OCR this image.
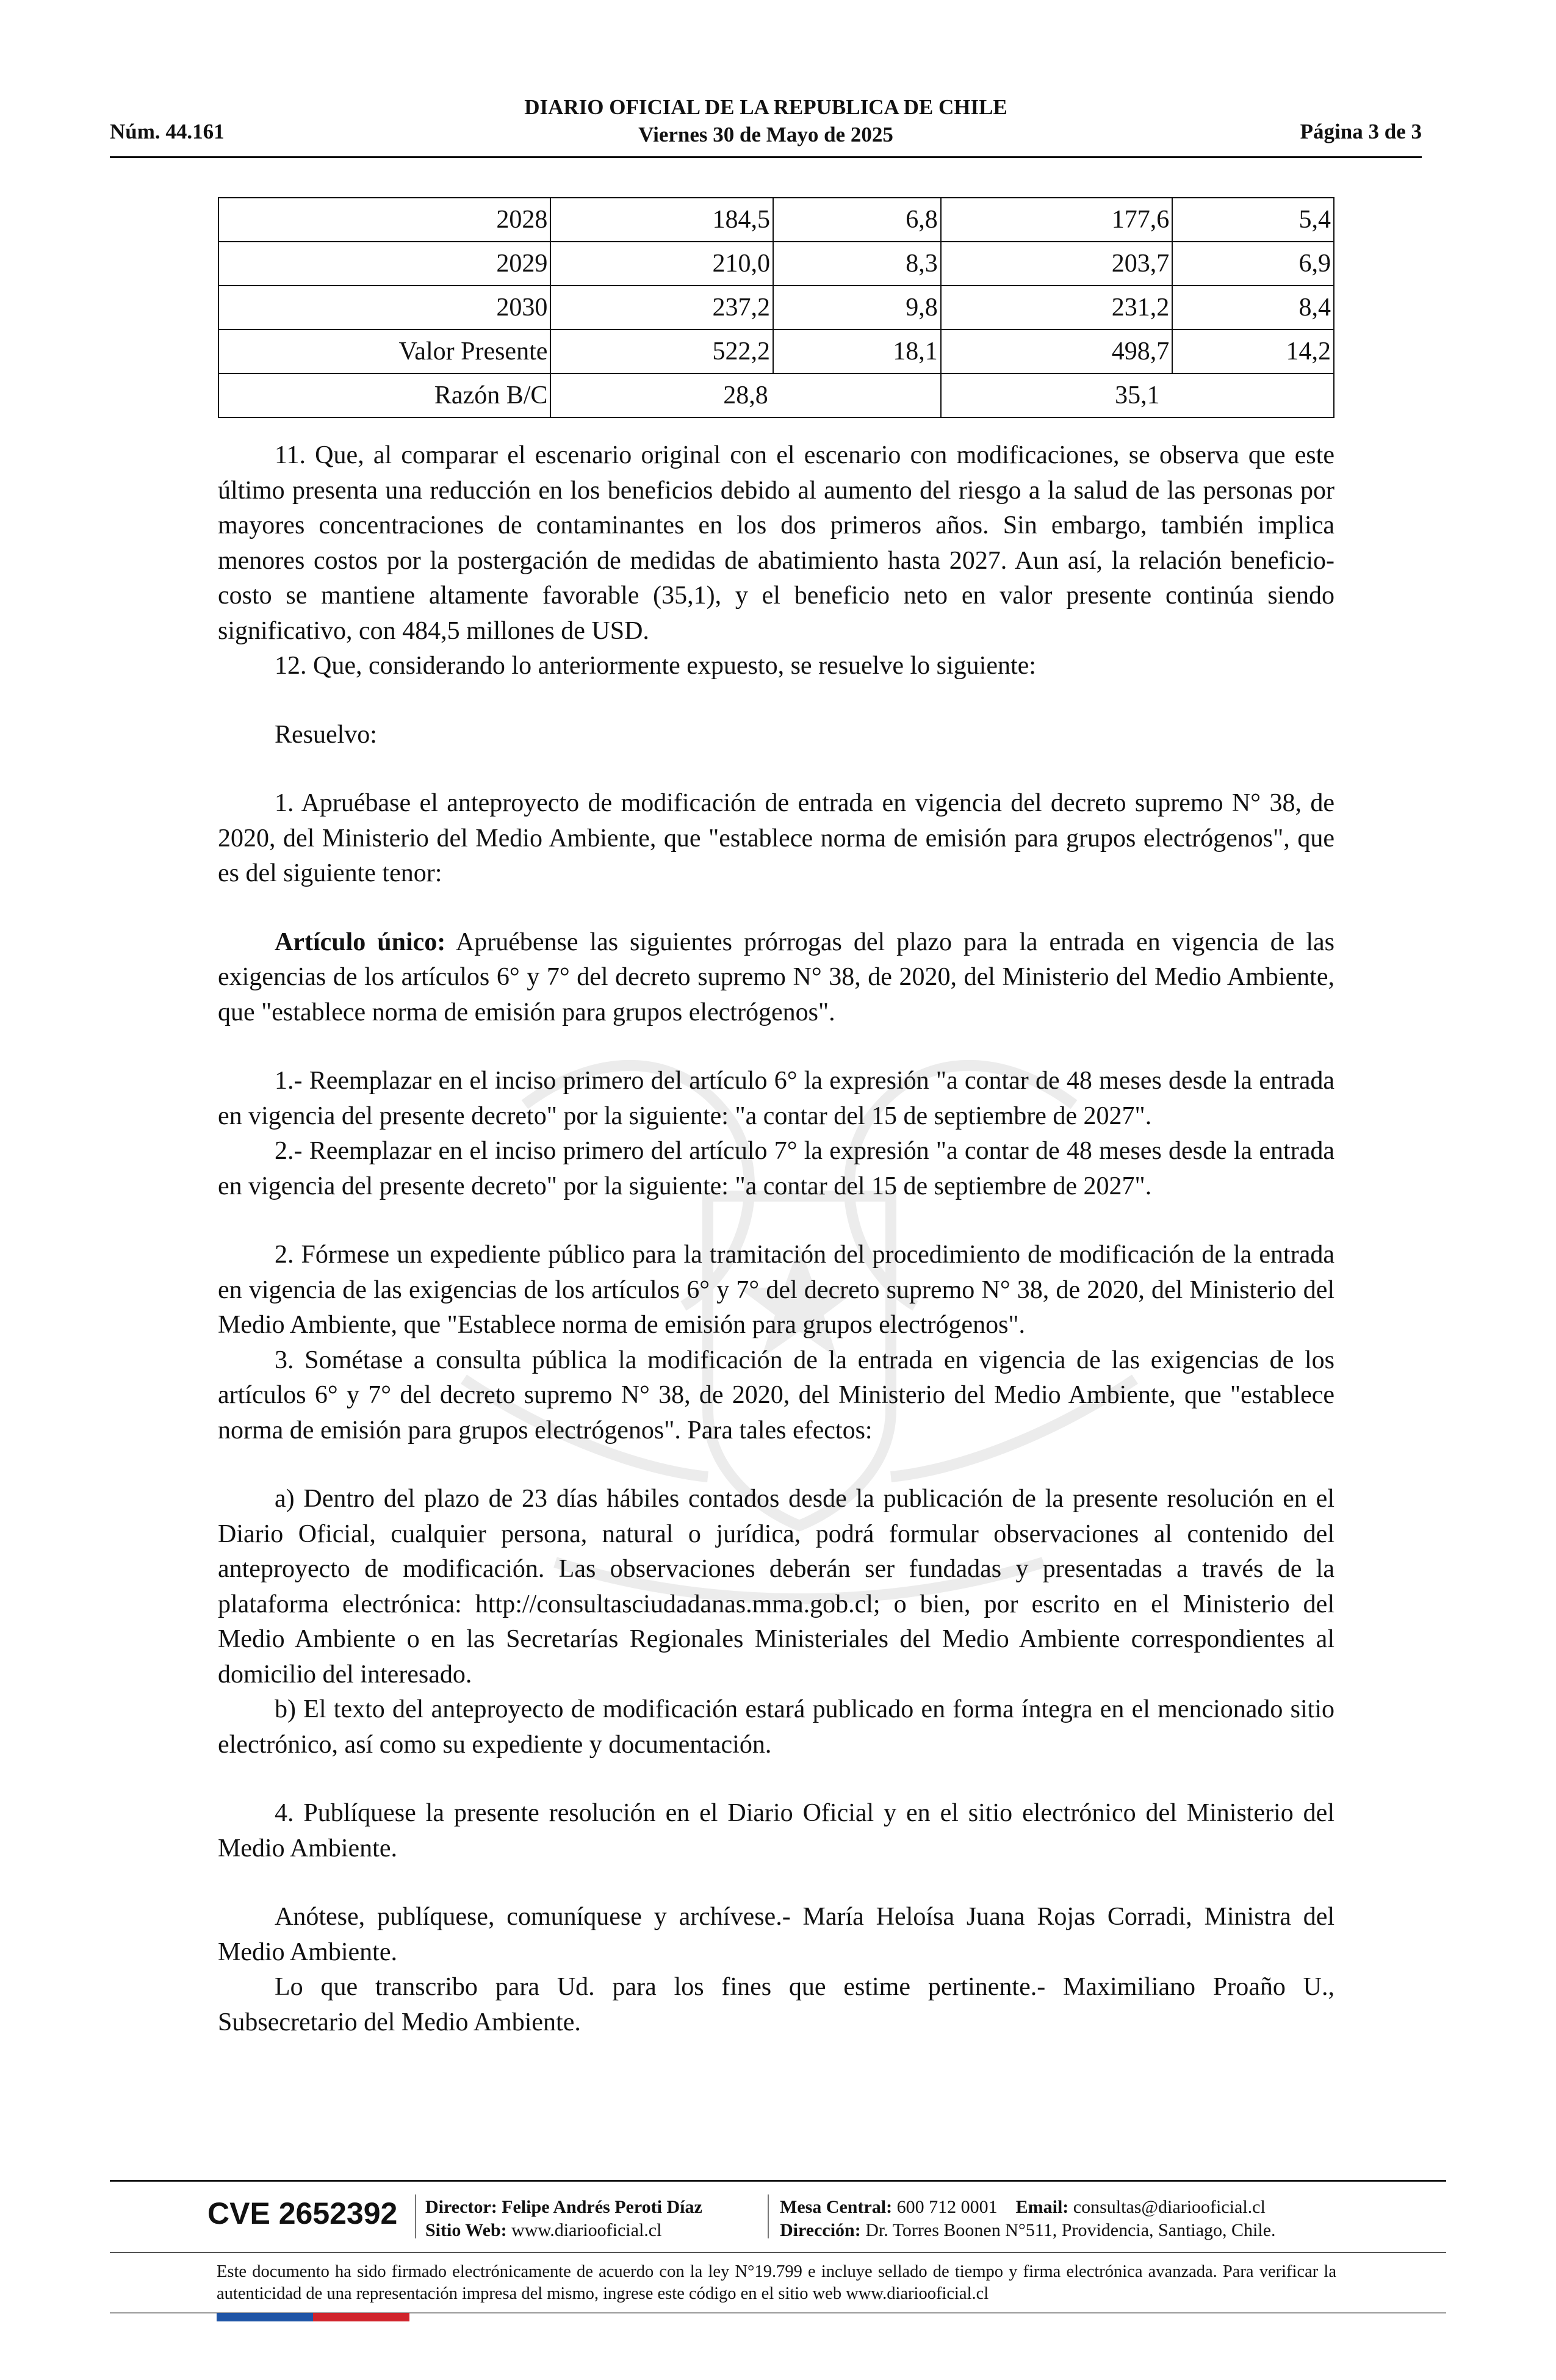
Núm. 44.161
DIARIO OFICIAL DE LA REPUBLICA DE CHILE
Viernes 30 de Mayo de 2025	Página 3 de 3
2028	184,5	6,8	177,6	5,4
2029	210,0	8,3	203,7	6,9
2030	237,2	9,8	231,2	8,4
Valor Presente	522,2	18,1	498,7	14,2
Razón B/C	28,8		35,1	

11. Que, al comparar el escenario original con el escenario con modificaciones, se observa que este último presenta una reducción en los beneficios debido al aumento del riesgo a la salud de las personas por mayores concentraciones de contaminantes en los dos primeros años. Sin embargo, también implica menores costos por la postergación de medidas de abatimiento hasta 2027. Aun así, la relación beneficio-costo se mantiene altamente favorable (35,1), y el beneficio neto en valor presente continúa siendo significativo, con 484,5 millones de USD.

12. Que, considerando lo anteriormente expuesto, se resuelve lo siguiente:

Resuelvo:

1. Apruébase el anteproyecto de modificación de entrada en vigencia del decreto supremo N° 38, de 2020, del Ministerio del Medio Ambiente, que "establece norma de emisión para grupos electrógenos", que es del siguiente tenor:

Artículo único: Apruébense las siguientes prórrogas del plazo para la entrada en vigencia de las exigencias de los artículos 6° y 7° del decreto supremo N° 38, de 2020, del Ministerio del Medio Ambiente, que "establece norma de emisión para grupos electrógenos".

1.- Reemplazar en el inciso primero del artículo 6° la expresión "a contar de 48 meses desde la entrada en vigencia del presente decreto" por la siguiente: "a contar del 15 de septiembre de 2027".

2.- Reemplazar en el inciso primero del artículo 7° la expresión "a contar de 48 meses desde la entrada en vigencia del presente decreto" por la siguiente: "a contar del 15 de septiembre de 2027".

2. Fórmese un expediente público para la tramitación del procedimiento de modificación de la entrada en vigencia de las exigencias de los artículos 6° y 7° del decreto supremo N° 38, de 2020, del Ministerio del Medio Ambiente, que "Establece norma de emisión para grupos electrógenos".

3. Sométase a consulta pública la modificación de la entrada en vigencia de las exigencias de los artículos 6° y 7° del decreto supremo N° 38, de 2020, del Ministerio del Medio Ambiente, que "establece norma de emisión para grupos electrógenos". Para tales efectos:

a) Dentro del plazo de 23 días hábiles contados desde la publicación de la presente resolución en el Diario Oficial, cualquier persona, natural o jurídica, podrá formular observaciones al contenido del anteproyecto de modificación. Las observaciones deberán ser fundadas y presentadas a través de la plataforma electrónica: http://consultasciudadanas.mma.gob.cl; o bien, por escrito en el Ministerio del Medio Ambiente o en las Secretarías Regionales Ministeriales del Medio Ambiente correspondientes al domicilio del interesado.

b) El texto del anteproyecto de modificación estará publicado en forma íntegra en el mencionado sitio electrónico, así como su expediente y documentación.

4. Publíquese la presente resolución en el Diario Oficial y en el sitio electrónico del Ministerio del Medio Ambiente.

Anótese, publíquese, comuníquese y archívese.- María Heloísa Juana Rojas Corradi, Ministra del Medio Ambiente.

Lo que transcribo para Ud. para los fines que estime pertinente.- Maximiliano Proaño U., Subsecretario del Medio Ambiente.

CVE 2652392 Director: Felipe Andrés Peroti Díaz
Sitio Web: www.diariooficial.cl
Mesa Central: 600 712 0001 Email: consultas@diariooficial.cl
Dirección: Dr. Torres Boonen N°511, Providencia, Santiago, Chile.
Este documento ha sido firmado electrónicamente de acuerdo con la ley N°19.799 e incluye sellado de tiempo y firma electrónica avanzada. Para verificar la autenticidad de una representación impresa del mismo, ingrese este código en el sitio web www.diariooficial.cl
